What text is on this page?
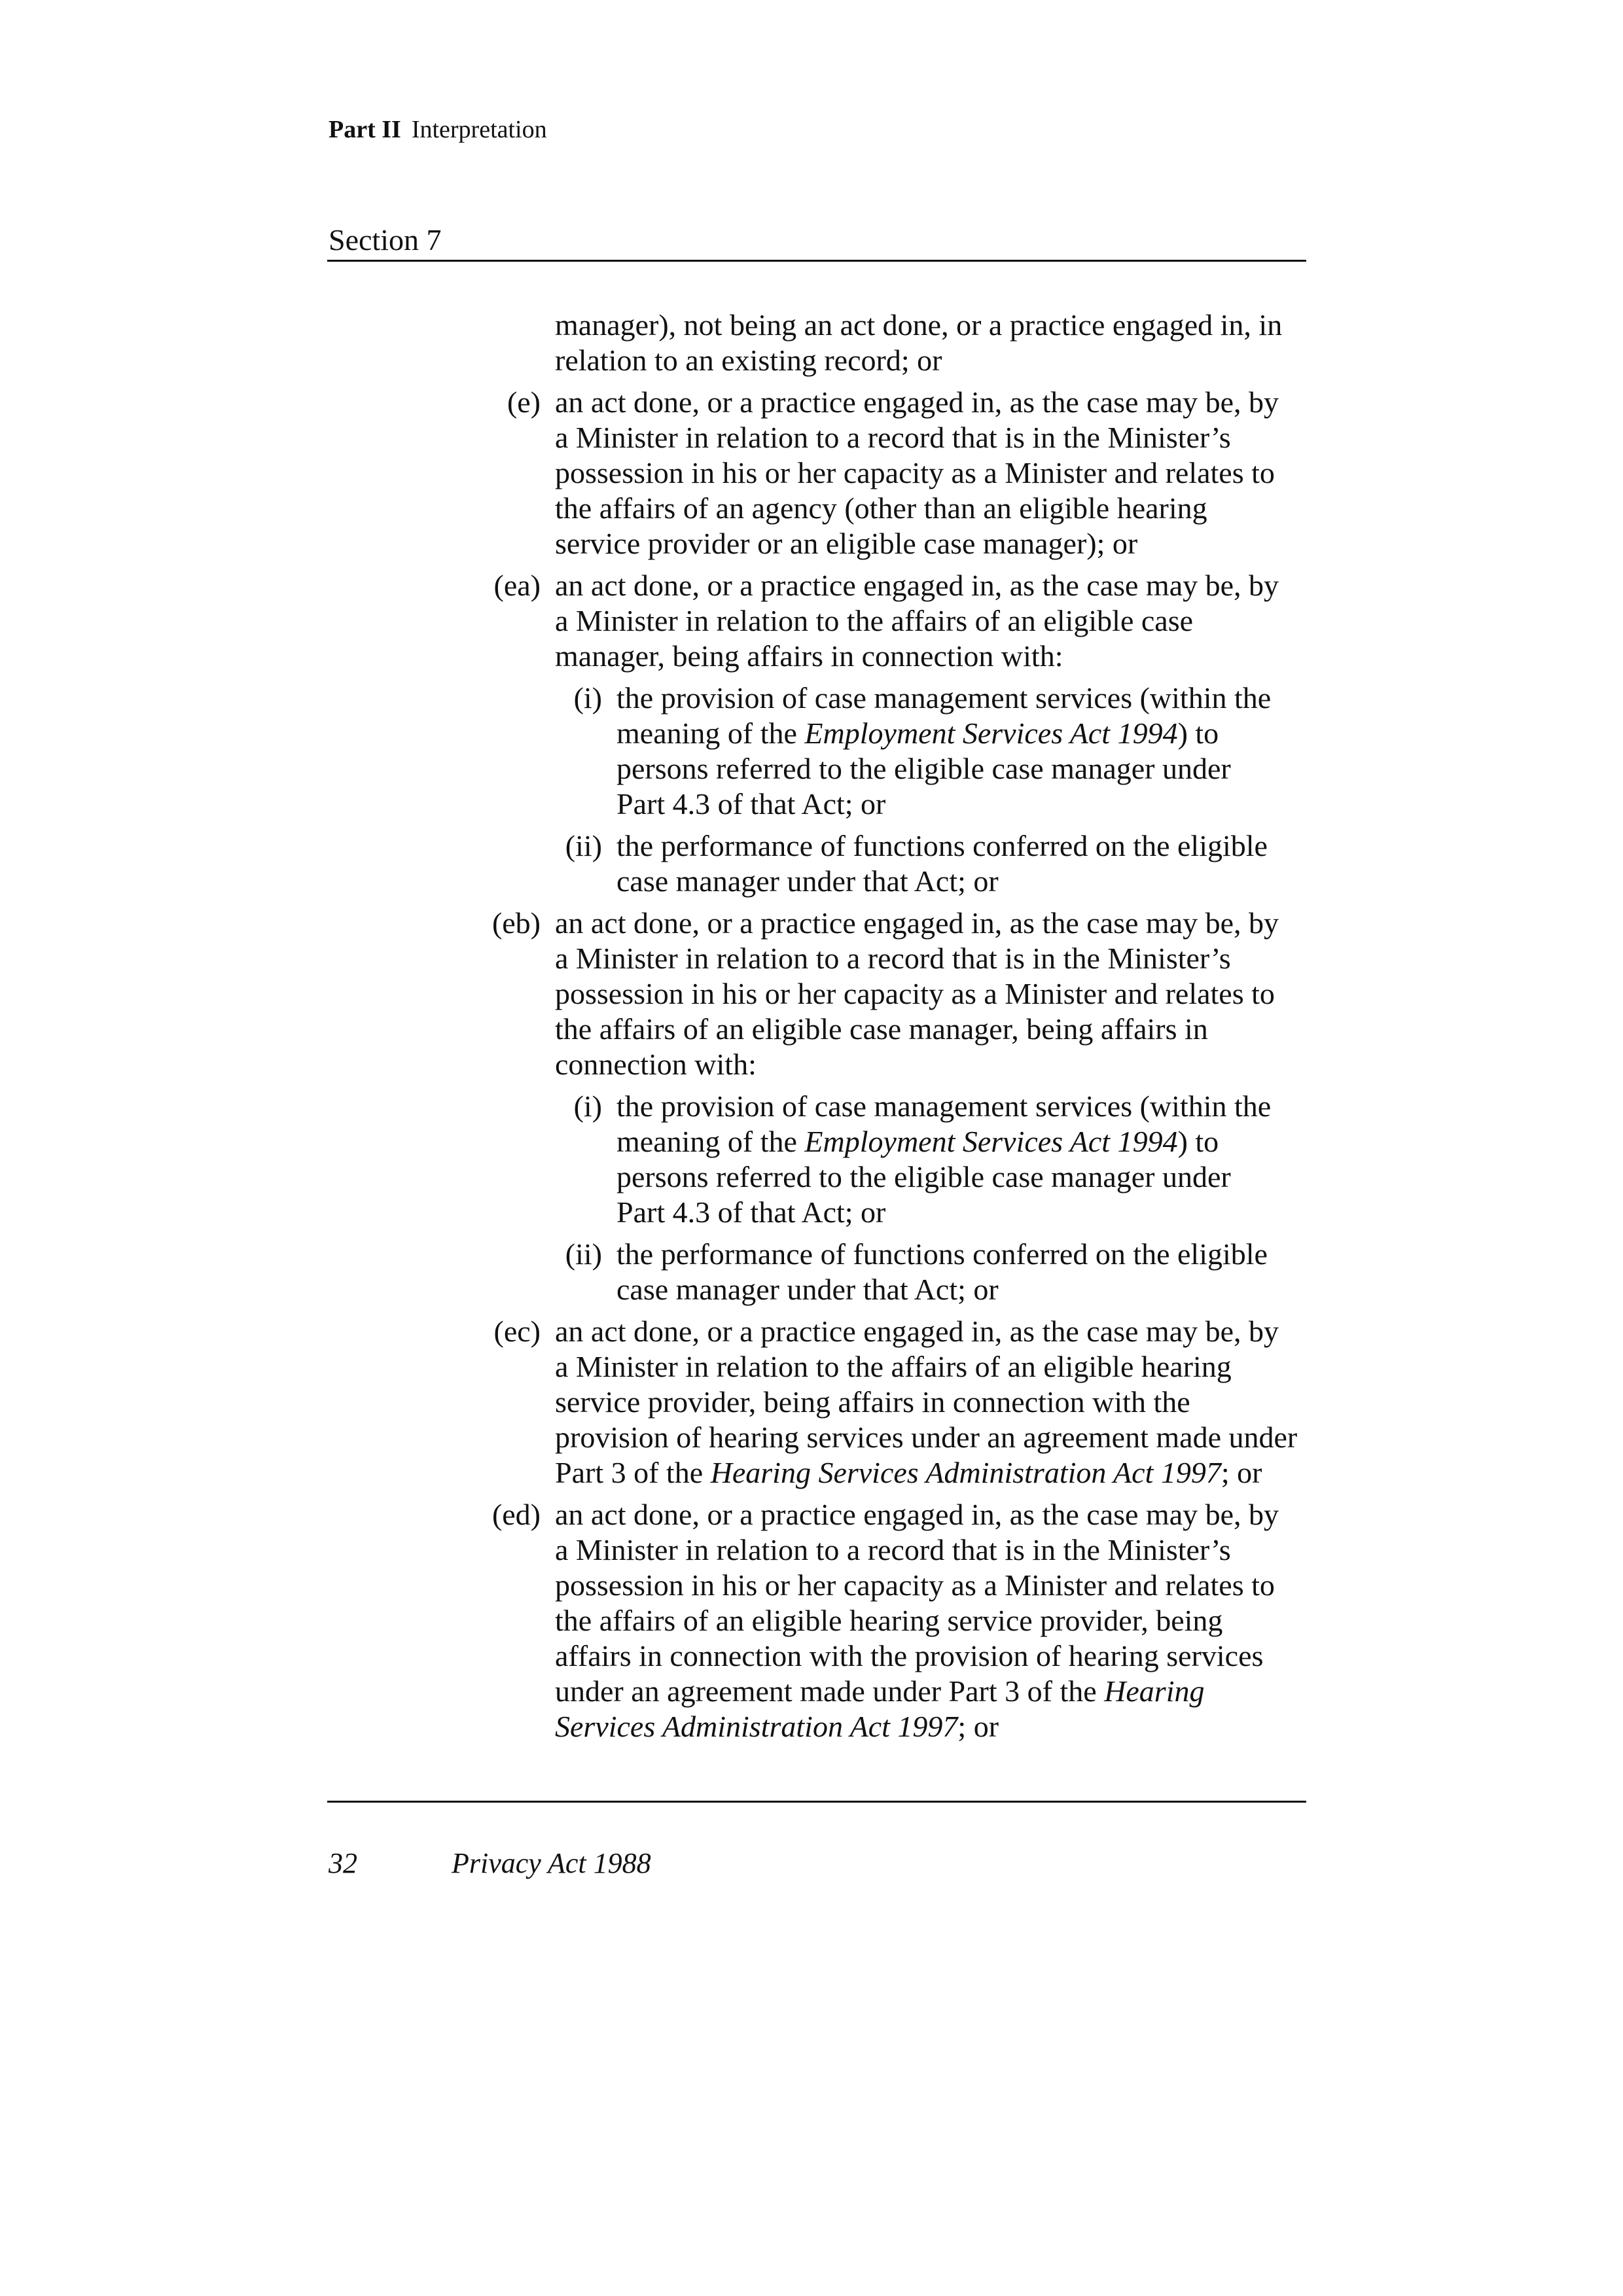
Part II Interpretation
Section 7
manager), not being an act done, or a practice engaged in, in
relation to an existing record; or
(e) an act done, or a practice engaged in, as the case may be, by
a Minister in relation to a record that is in the Minister’s
possession in his or her capacity as a Minister and relates to
the affairs of an agency (other than an eligible hearing
service provider or an eligible case manager); or
(ea) an act done, or a practice engaged in, as the case may be, by
a Minister in relation to the affairs of an eligible case
manager, being affairs in connection with:
(i) the provision of case management services (within the
meaning of the Employment Services Act 1994) to
persons referred to the eligible case manager under
Part 4.3 of that Act; or
(ii) the performance of functions conferred on the eligible
case manager under that Act; or
(eb) an act done, or a practice engaged in, as the case may be, by
a Minister in relation to a record that is in the Minister’s
possession in his or her capacity as a Minister and relates to
the affairs of an eligible case manager, being affairs in
connection with:
(i) the provision of case management services (within the
meaning of the Employment Services Act 1994) to
persons referred to the eligible case manager under
Part 4.3 of that Act; or
(ii) the performance of functions conferred on the eligible
case manager under that Act; or
(ec) an act done, or a practice engaged in, as the case may be, by
a Minister in relation to the affairs of an eligible hearing
service provider, being affairs in connection with the
provision of hearing services under an agreement made under
Part 3 of the Hearing Services Administration Act 1997; or
(ed) an act done, or a practice engaged in, as the case may be, by
a Minister in relation to a record that is in the Minister’s
possession in his or her capacity as a Minister and relates to
the affairs of an eligible hearing service provider, being
affairs in connection with the provision of hearing services
under an agreement made under Part 3 of the Hearing
Services Administration Act 1997; or
32	Privacy Act 1988
